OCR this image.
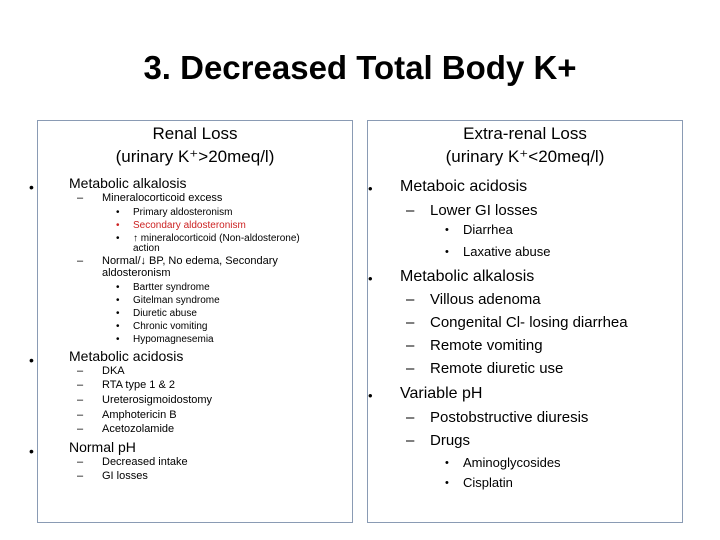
3. Decreased Total Body K+
Renal Loss
(urinary K⁺>20meq/l)
•	Metabolic alkalosis
– Mineralocorticoid excess
• Primary aldosteronism
• Secondary aldosteronism
• ↑ mineralocorticoid (Non-aldosterone)
action
– Normal/↓ BP, No edema, Secondary
aldosteronism
• Bartter syndrome
• Gitelman syndrome
• Diuretic abuse
• Chronic vomiting
• Hypomagnesemia
•	Metabolic acidosis
– DKA
– RTA type 1 & 2
– Ureterosigmoidostomy
– Amphotericin B
– Acetozolamide
•	Normal pH
– Decreased intake
– GI losses
Extra-renal Loss
(urinary K⁺<20meq/l)
• Metaboic acidosis
– Lower GI losses
• Diarrhea
• Laxative abuse
• Metabolic alkalosis
– Villous adenoma
– Congenital Cl- losing diarrhea
– Remote vomiting
– Remote diuretic use
• Variable pH
– Postobstructive diuresis
– Drugs
• Aminoglycosides
• Cisplatin
